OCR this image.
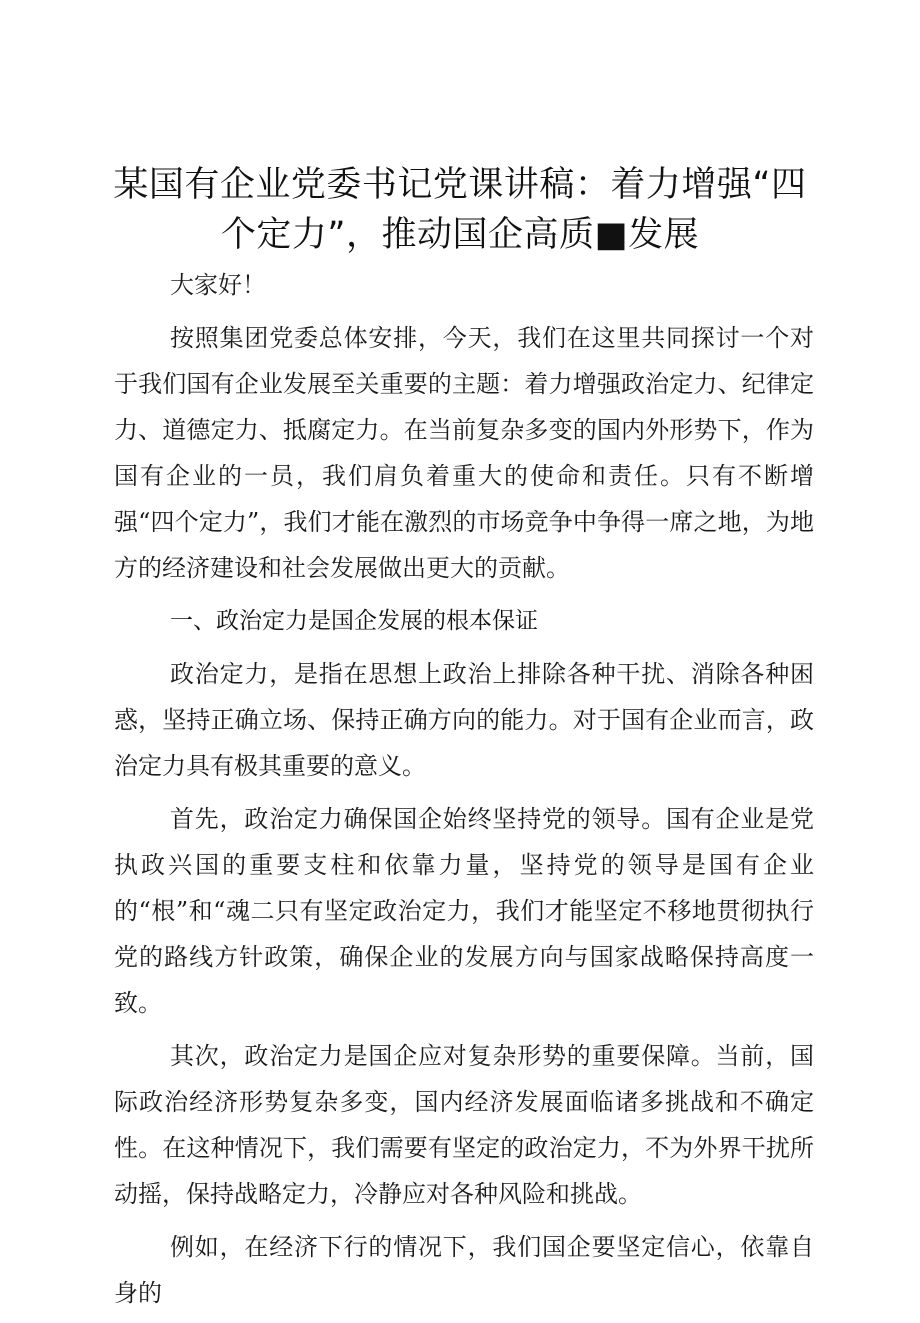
某国有企业党委书记党课讲稿：着力增强“四个定力”，推动国企高质■发展

大家好！

按照集团党委总体安排，今天，我们在这里共同探讨一个对于我们国有企业发展至关重要的主题：着力增强政治定力、纪律定力、道德定力、抵腐定力。在当前复杂多变的国内外形势下，作为国有企业的一员，我们肩负着重大的使命和责任。只有不断增强“四个定力”，我们才能在激烈的市场竞争中争得一席之地，为地方的经济建设和社会发展做出更大的贡献。

一、政治定力是国企发展的根本保证

政治定力，是指在思想上政治上排除各种干扰、消除各种困惑，坚持正确立场、保持正确方向的能力。对于国有企业而言，政治定力具有极其重要的意义。

首先，政治定力确保国企始终坚持党的领导。国有企业是党执政兴国的重要支柱和依靠力量，坚持党的领导是国有企业的“根”和“魂二只有坚定政治定力，我们才能坚定不移地贯彻执行党的路线方针政策，确保企业的发展方向与国家战略保持高度一致。

其次，政治定力是国企应对复杂形势的重要保障。当前，国际政治经济形势复杂多变，国内经济发展面临诸多挑战和不确定性。在这种情况下，我们需要有坚定的政治定力，不为外界干扰所动摇，保持战略定力，冷静应对各种风险和挑战。

例如，在经济下行的情况下，我们国企要坚定信心，依靠自身的
